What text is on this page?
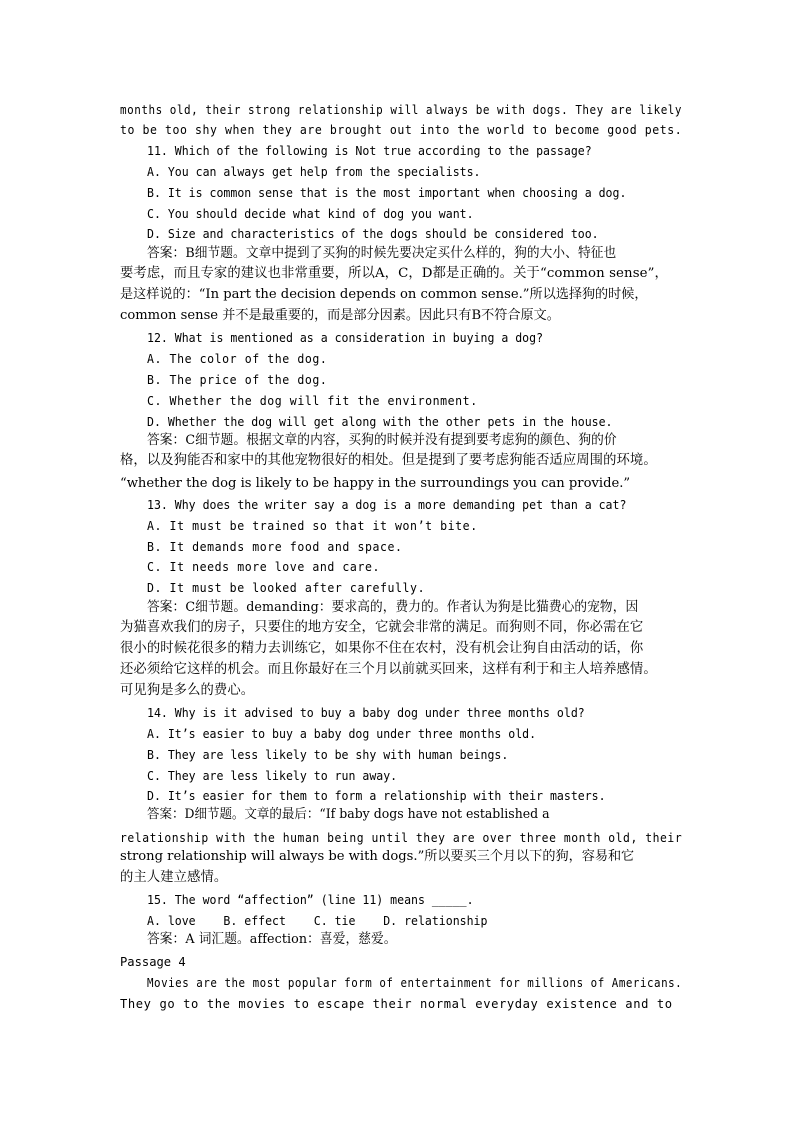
months old, their strong relationship will always be with dogs. They are likely
to be too shy when they are brought out into the world to become good pets.
11. Which of the following is Not true according to the passage?
A. You can always get help from the specialists.
B. It is common sense that is the most important when choosing a dog.
C. You should decide what kind of dog you want.
D. Size and characteristics of the dogs should be considered too.
答案：B细节题。文章中提到了买狗的时候先要决定买什么样的，狗的大小、特征也
要考虑，而且专家的建议也非常重要，所以A，C，D都是正确的。关于“common sense”，
是这样说的：“In part the decision depends on common sense.”所以选择狗的时候，
common sense 并不是最重要的，而是部分因素。因此只有B不符合原文。
12. What is mentioned as a consideration in buying a dog?
A. The color of the dog.
B. The price of the dog.
C. Whether the dog will fit the environment.
D. Whether the dog will get along with the other pets in the house.
答案：C细节题。根据文章的内容，买狗的时候并没有提到要考虑狗的颜色、狗的价
格，以及狗能否和家中的其他宠物很好的相处。但是提到了要考虑狗能否适应周围的环境。
“whether the dog is likely to be happy in the surroundings you can provide.”
13. Why does the writer say a dog is a more demanding pet than a cat?
A. It must be trained so that it won’t bite.
B. It demands more food and space.
C. It needs more love and care.
D. It must be looked after carefully.
答案：C细节题。demanding：要求高的，费力的。作者认为狗是比猫费心的宠物，因
为猫喜欢我们的房子，只要住的地方安全，它就会非常的满足。而狗则不同，你必需在它
很小的时候花很多的精力去训练它，如果你不住在农村，没有机会让狗自由活动的话，你
还必须给它这样的机会。而且你最好在三个月以前就买回来，这样有利于和主人培养感情。
可见狗是多么的费心。
14. Why is it advised to buy a baby dog under three months old?
A. It’s easier to buy a baby dog under three months old.
B. They are less likely to be shy with human beings.
C. They are less likely to run away.
D. It’s easier for them to form a relationship with their masters.
答案：D细节题。文章的最后：“If baby dogs have not established a
relationship with the human being until they are over three month old, their
strong relationship will always be with dogs.”所以要买三个月以下的狗，容易和它
的主人建立感情。
15. The word “affection” (line 11) means _____.
A. love    B. effect    C. tie    D. relationship
答案：A 词汇题。affection：喜爱，慈爱。
Passage 4
Movies are the most popular form of entertainment for millions of Americans.
They go to the movies to escape their normal everyday existence and to
